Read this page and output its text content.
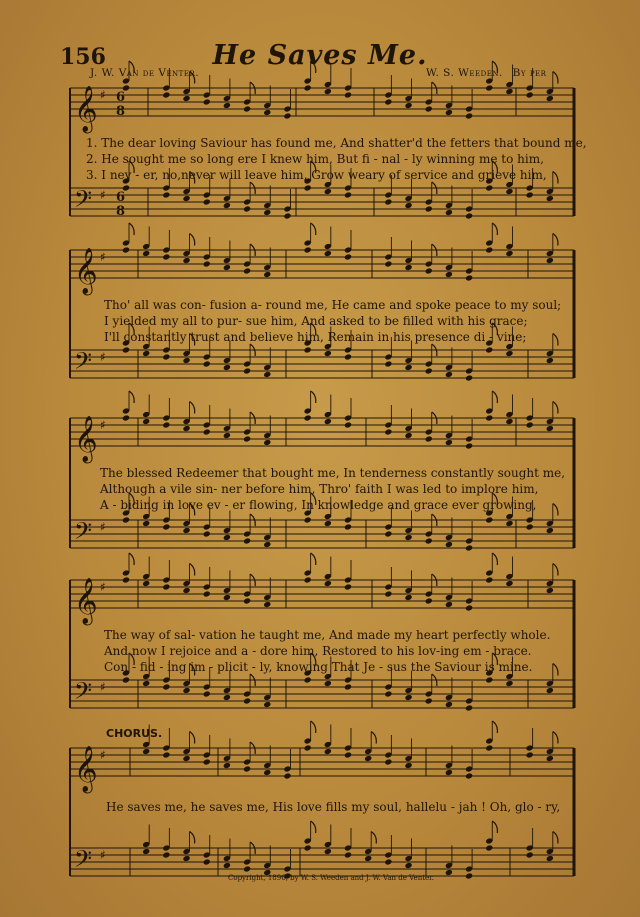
156	He Saves Me.
J. W. Van de Venter.	W. S. Weeden. By per
𝄞 ♯
𝄢 ♯
𝄞 ♯
𝄢 ♯
𝄞 ♯
𝄢 ♯
𝄞 ♯
𝄢 ♯
𝄞 ♯
𝄢 ♯
6
8
6
8
1. The dear loving Saviour has found me, And shatter'd the fetters that bound me,
2. He sought me so long ere I knew him, But fi - nal - ly winning me to him,
3. I nev - er, no,never will leave him, Grow weary of service and grieve him,
Tho' all was con- fusion a- round me, He came and spoke peace to my soul;
I yielded my all to pur- sue him, And asked to be filled with his grace;
I'll constantly trust and believe him, Remain in his presence di - vine;
The blessed Redeemer that bought me, In tenderness constantly sought me,
Although a vile sin- ner before him, Thro' faith I was led to implore him,
A - biding in love ev - er flowing, In knowledge and grace ever growing,
The way of sal- vation he taught me, And made my heart perfectly whole.
And now I rejoice and a - dore him, Restored to his lov-ing em - brace.
Con - fid - ing im - plicit - ly, knowing That Je - sus the Saviour is mine.
CHORUS.
He saves me, he saves me, His love fills my soul, hallelu - jah ! Oh, glo - ry,
Copyright, 1896, by W. S. Weeden and J. W. Van de Venter.
